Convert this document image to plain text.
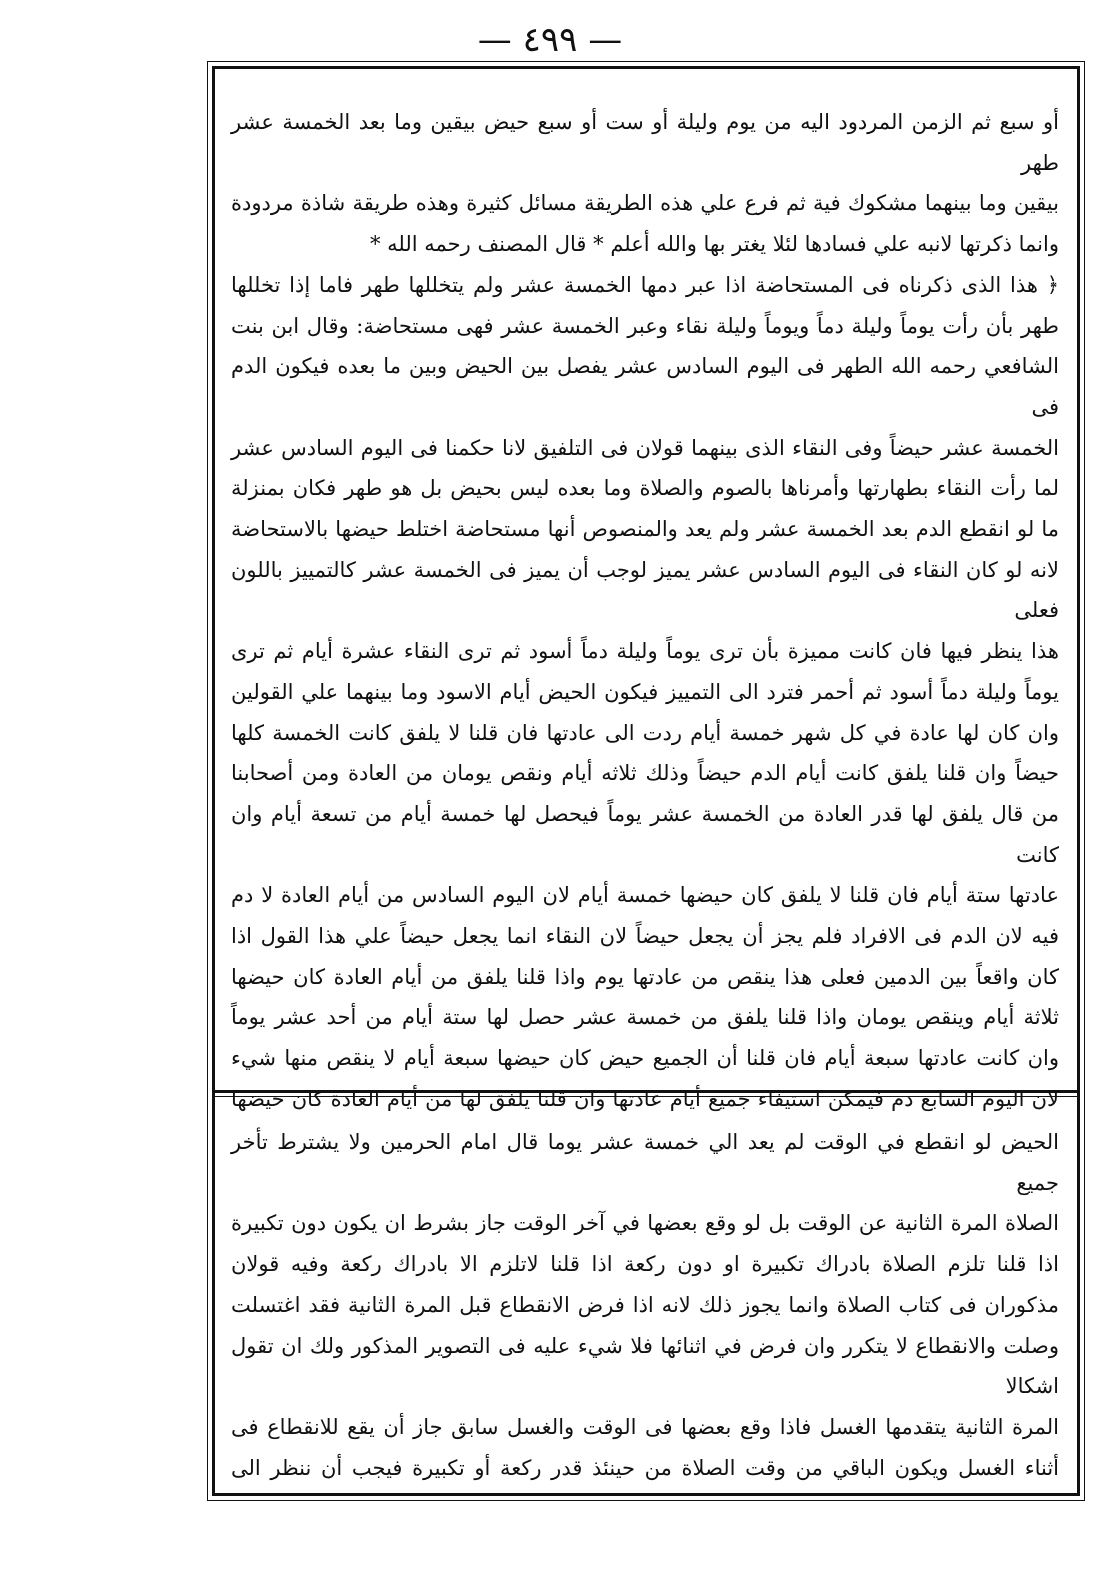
— ٤٩٩ —

أو سبع ثم الزمن المردود اليه من يوم وليلة أو ست أو سبع حيض بيقين وما بعد الخمسة عشر طهر

بيقين وما بينهما مشكوك فية ثم فرع علي هذه الطريقة مسائل كثيرة وهذه طريقة شاذة مردودة

وانما ذكرتها لانبه علي فسادها لئلا يغتر بها والله أعلم * قال المصنف رحمه الله *

﴿ هذا الذى ذكرناه فى المستحاضة اذا عبر دمها الخمسة عشر ولم يتخللها طهر فاما إذا تخللها

طهر بأن رأت يوماً وليلة دماً ويوماً وليلة نقاء وعبر الخمسة عشر فهى مستحاضة: وقال ابن بنت

الشافعي رحمه الله الطهر فى اليوم السادس عشر يفصل بين الحيض وبين ما بعده فيكون الدم فى

الخمسة عشر حيضاً وفى النقاء الذى بينهما قولان فى التلفيق لانا حكمنا فى اليوم السادس عشر

لما رأت النقاء بطهارتها وأمرناها بالصوم والصلاة وما بعده ليس بحيض بل هو طهر فكان بمنزلة

ما لو انقطع الدم بعد الخمسة عشر ولم يعد والمنصوص أنها مستحاضة اختلط حيضها بالاستحاضة

لانه لو كان النقاء فى اليوم السادس عشر يميز لوجب أن يميز فى الخمسة عشر كالتمييز باللون فعلى

هذا ينظر فيها فان كانت مميزة بأن ترى يوماً وليلة دماً أسود ثم ترى النقاء عشرة أيام ثم ترى

يوماً وليلة دماً أسود ثم أحمر فترد الى التمييز فيكون الحيض أيام الاسود وما بينهما علي القولين

وان كان لها عادة في كل شهر خمسة أيام ردت الى عادتها فان قلنا لا يلفق كانت الخمسة كلها

حيضاً وان قلنا يلفق كانت أيام الدم حيضاً وذلك ثلاثه أيام ونقص يومان من العادة ومن أصحابنا

من قال يلفق لها قدر العادة من الخمسة عشر يوماً فيحصل لها خمسة أيام من تسعة أيام وان كانت

عادتها ستة أيام فان قلنا لا يلفق كان حيضها خمسة أيام لان اليوم السادس من أيام العادة لا دم

فيه لان الدم فى الافراد فلم يجز أن يجعل حيضاً لان النقاء انما يجعل حيضاً علي هذا القول اذا

كان واقعاً بين الدمين فعلى هذا ينقص من عادتها يوم واذا قلنا يلفق من أيام العادة كان حيضها

ثلاثة أيام وينقص يومان واذا قلنا يلفق من خمسة عشر حصل لها ستة أيام من أحد عشر يوماً

وان كانت عادتها سبعة أيام فان قلنا أن الجميع حيض كان حيضها سبعة أيام لا ينقص منها شيء

لان اليوم السابع دم فيمكن استيفاء جميع أيام عادتها وان قلنا يلفق لها من أيام العادة كان حيضها

الحيض لو انقطع في الوقت لم يعد الي خمسة عشر يوما قال امام الحرمين ولا يشترط تأخر جميع

الصلاة المرة الثانية عن الوقت بل لو وقع بعضها في آخر الوقت جاز بشرط ان يكون دون تكبيرة

اذا قلنا تلزم الصلاة بادراك تكبيرة او دون ركعة اذا قلنا لاتلزم الا بادراك ركعة وفيه قولان

مذكوران فى كتاب الصلاة وانما يجوز ذلك لانه اذا فرض الانقطاع قبل المرة الثانية فقد اغتسلت

وصلت والانقطاع لا يتكرر وان فرض في اثنائها فلا شيء عليه فى التصوير المذكور ولك ان تقول اشكالا

المرة الثانية يتقدمها الغسل فاذا وقع بعضها فى الوقت والغسل سابق جاز أن يقع للانقطاع فى

أثناء الغسل ويكون الباقي من وقت الصلاة من حينئذ قدر ركعة أو تكبيرة فيجب أن ننظر الى
